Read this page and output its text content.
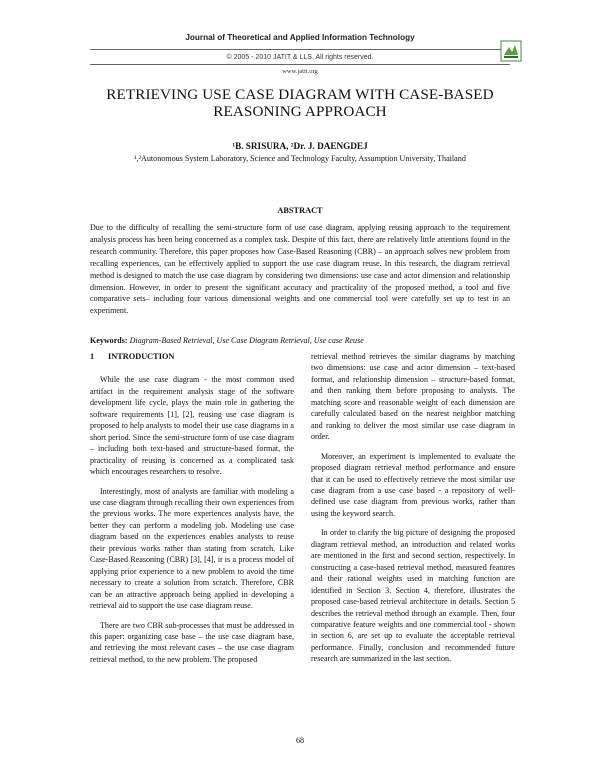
Journal of Theoretical and Applied Information Technology
© 2005 - 2010 JATIT & LLS. All rights reserved.
www.jatit.org
RETRIEVING USE CASE DIAGRAM WITH CASE-BASED
REASONING APPROACH
¹B. SRISURA, ²Dr. J. DAENGDEJ
¹,²Autonomous System Laboratory, Science and Technology Faculty, Assumption University, Thailand
ABSTRACT

Due to the difficulty of recalling the semi-structure form of use case diagram, applying reusing approach to the requirement analysis process has been being concerned as a complex task. Despite of this fact, there are relatively little attentions found in the research community. Therefore, this paper proposes how Case-Based Reasoning (CBR) – an approach solves new problem from recalling experiences, can be effectively applied to support the use case diagram reuse. In this research, the diagram retrieval method is designed to match the use case diagram by considering two dimensions: use case and actor dimension and relationship dimension. However, in order to present the significant accuracy and practicality of the proposed method, a tool and five comparative sets– including four various dimensional weights and one commercial tool were carefully set up to test in an experiment.

Keywords: Diagram-Based Retrieval, Use Case Diagram Retrieval, Use case Reuse

1 INTRODUCTION

While the use case diagram - the most common used artifact in the requirement analysis stage of the software development life cycle, plays the main role in gathering the software requirements [1], [2], reusing use case diagram is proposed to help analysts to model their use case diagrams in a short period. Since the semi-structure form of use case diagram – including both text-based and structure-based format, the practicality of reusing is concerned as a complicated task which encourages researchers to resolve.

Interestingly, most of analysts are familiar with modeling a use case diagram through recalling their own experiences from the previous works. The more experiences analysts have, the better they can perform a modeling job. Modeling use case diagram based on the experiences enables analysts to reuse their previous works rather than stating from scratch. Like Case-Based Reasoning (CBR) [3], [4], it is a process model of applying prior experience to a new problem to avoid the time necessary to create a solution from scratch. Therefore, CBR can be an attractive approach being applied in developing a retrieval aid to support the use case diagram reuse.

There are two CBR sub-processes that must be addressed in this paper: organizing case base – the use case diagram base, and retrieving the most relevant cases – the use case diagram retrieval method, to the new problem. The proposed

retrieval method retrieves the similar diagrams by matching two dimensions: use case and actor dimension – text-based format, and relationship dimension – structure-based format, and then ranking them before proposing to analysts. The matching score and reasonable weight of each dimension are carefully calculated based on the nearest neighbor matching and ranking to deliver the most similar use case diagram in order.

Moreover, an experiment is implemented to evaluate the proposed diagram retrieval method performance and ensure that it can be used to effectively retrieve the most similar use case diagram from a use case based - a repository of well- defined use case diagram from previous works, rather than using the keyword search.

In order to clarify the big picture of designing the proposed diagram retrieval method, an introduction and related works are mentioned in the first and second section, respectively. In constructing a case-based retrieval method, measured features and their rational weights used in matching function are identified in Section 3. Section 4, therefore, illustrates the proposed case-based retrieval architecture in details. Section 5 describes the retrieval method through an example. Then, four comparative feature weights and one commercial tool - shown in section 6, are set up to evaluate the acceptable retrieval performance. Finally, conclusion and recommended future research are summarized in the last section.

68
